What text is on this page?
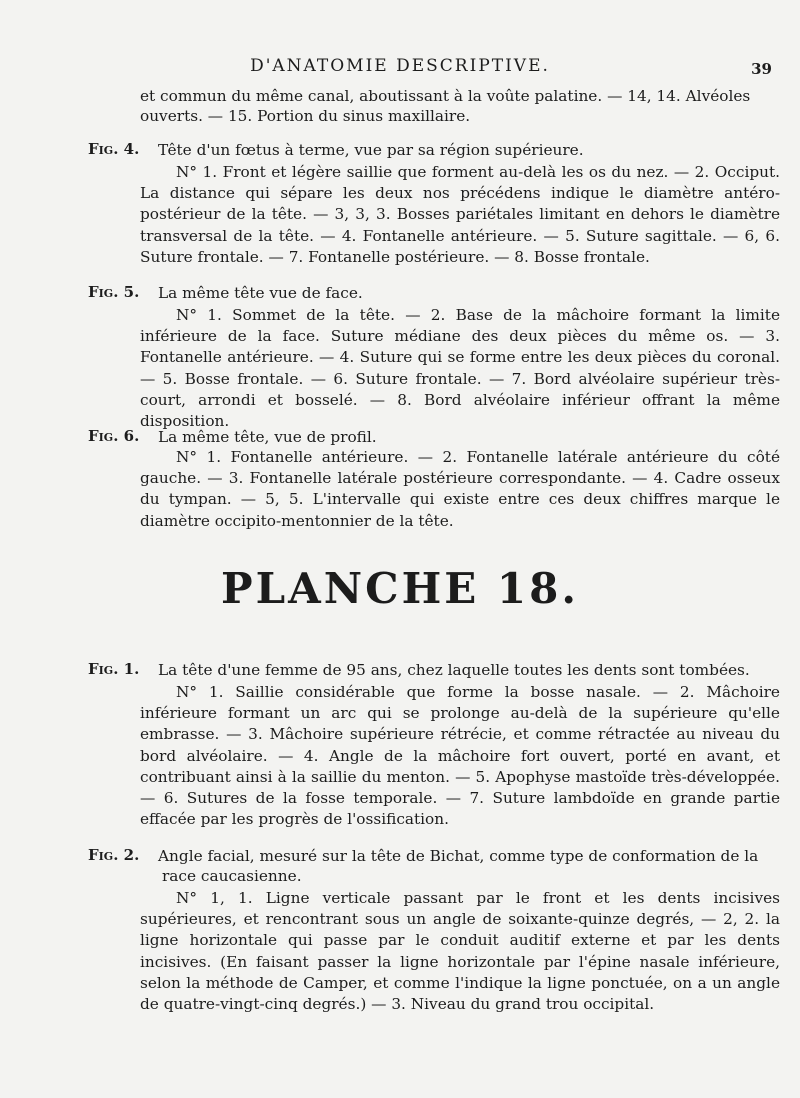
D'ANATOMIE DESCRIPTIVE.	39
et commun du même canal, aboutissant à la voûte palatine. — 14, 14. Alvéoles
ouverts. — 15. Portion du sinus maxillaire.
Fig. 4. Tête d'un fœtus à terme, vue par sa région supérieure.
N° 1. Front et légère saillie que forment au-delà les os du nez. — 2. Occiput. La distance qui sépare les deux nos précédens indique le diamètre antéro-postérieur de la tête. — 3, 3, 3. Bosses pariétales limitant en dehors le diamètre transversal de la tête. — 4. Fontanelle antérieure. — 5. Suture sagittale. — 6, 6. Suture frontale. — 7. Fontanelle postérieure. — 8. Bosse frontale.
Fig. 5. La même tête vue de face.
N° 1. Sommet de la tête. — 2. Base de la mâchoire formant la limite inférieure de la face. Suture médiane des deux pièces du même os. — 3. Fontanelle antérieure. — 4. Suture qui se forme entre les deux pièces du coronal. — 5. Bosse frontale. — 6. Suture frontale. — 7. Bord alvéolaire supérieur très-court, arrondi et bosselé. — 8. Bord alvéolaire inférieur offrant la même disposition.
Fig. 6. La même tête, vue de profil.
N° 1. Fontanelle antérieure. — 2. Fontanelle latérale antérieure du côté gauche. — 3. Fontanelle latérale postérieure correspondante. — 4. Cadre osseux du tympan. — 5, 5. L'intervalle qui existe entre ces deux chiffres marque le diamètre occipito-mentonnier de la tête.
PLANCHE 18.
Fig. 1. La tête d'une femme de 95 ans, chez laquelle toutes les dents sont tombées.
N° 1. Saillie considérable que forme la bosse nasale. — 2. Mâchoire inférieure formant un arc qui se prolonge au-delà de la supérieure qu'elle embrasse. — 3. Mâchoire supérieure rétrécie, et comme rétractée au niveau du bord alvéolaire. — 4. Angle de la mâchoire fort ouvert, porté en avant, et contribuant ainsi à la saillie du menton. — 5. Apophyse mastoïde très-développée. — 6. Sutures de la fosse temporale. — 7. Suture lambdoïde en grande partie effacée par les progrès de l'ossification.
Fig. 2. Angle facial, mesuré sur la tête de Bichat, comme type de conformation de la
race caucasienne.
N° 1, 1. Ligne verticale passant par le front et les dents incisives supérieures, et rencontrant sous un angle de soixante-quinze degrés, — 2, 2. la ligne horizontale qui passe par le conduit auditif externe et par les dents incisives. (En faisant passer la ligne horizontale par l'épine nasale inférieure, selon la méthode de Camper, et comme l'indique la ligne ponctuée, on a un angle de quatre-vingt-cinq degrés.) — 3. Niveau du grand trou occipital.
